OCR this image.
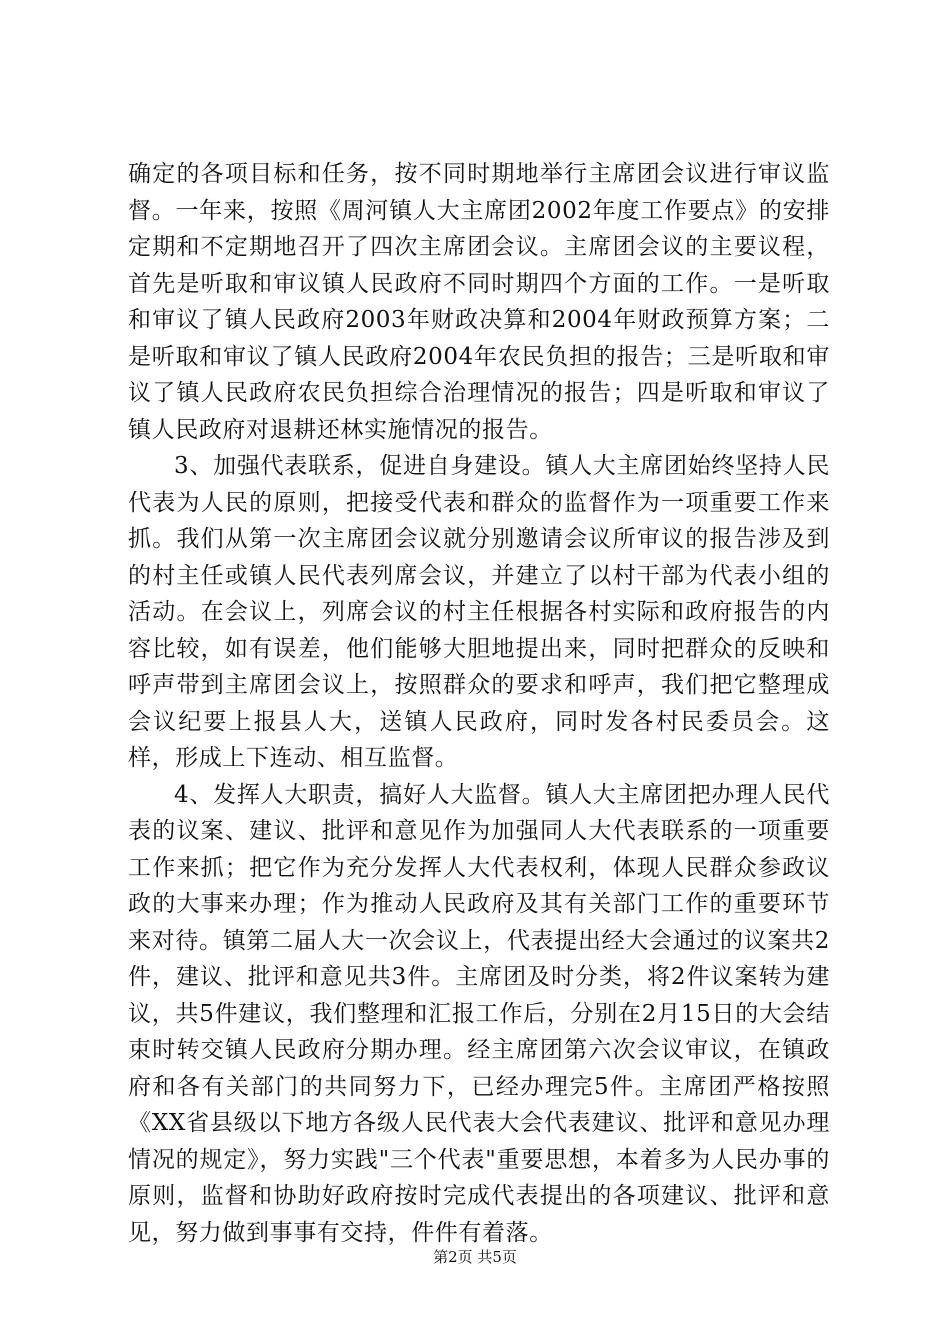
确定的各项目标和任务，按不同时期地举行主席团会议进行审议监督。一年来，按照《周河镇人大主席团2002年度工作要点》的安排定期和不定期地召开了四次主席团会议。主席团会议的主要议程，首先是听取和审议镇人民政府不同时期四个方面的工作。一是听取和审议了镇人民政府2003年财政决算和2004年财政预算方案；二是听取和审议了镇人民政府2004年农民负担的报告；三是听取和审议了镇人民政府农民负担综合治理情况的报告；四是听取和审议了镇人民政府对退耕还林实施情况的报告。

3、加强代表联系，促进自身建设。镇人大主席团始终坚持人民代表为人民的原则，把接受代表和群众的监督作为一项重要工作来抓。我们从第一次主席团会议就分别邀请会议所审议的报告涉及到的村主任或镇人民代表列席会议，并建立了以村干部为代表小组的活动。在会议上，列席会议的村主任根据各村实际和政府报告的内容比较，如有误差，他们能够大胆地提出来，同时把群众的反映和呼声带到主席团会议上，按照群众的要求和呼声，我们把它整理成会议纪要上报县人大，送镇人民政府，同时发各村民委员会。这样，形成上下连动、相互监督。

4、发挥人大职责，搞好人大监督。镇人大主席团把办理人民代表的议案、建议、批评和意见作为加强同人大代表联系的一项重要工作来抓；把它作为充分发挥人大代表权利，体现人民群众参政议政的大事来办理；作为推动人民政府及其有关部门工作的重要环节来对待。镇第二届人大一次会议上，代表提出经大会通过的议案共2件，建议、批评和意见共3件。主席团及时分类，将2件议案转为建议，共5件建议，我们整理和汇报工作后，分别在2月15日的大会结束时转交镇人民政府分期办理。经主席团第六次会议审议，在镇政府和各有关部门的共同努力下，已经办理完5件。主席团严格按照《XX省县级以下地方各级人民代表大会代表建议、批评和意见办理情况的规定》，努力实践"三个代表"重要思想，本着多为人民办事的原则，监督和协助好政府按时完成代表提出的各项建议、批评和意见，努力做到事事有交持，件件有着落。

第2页 共5页
